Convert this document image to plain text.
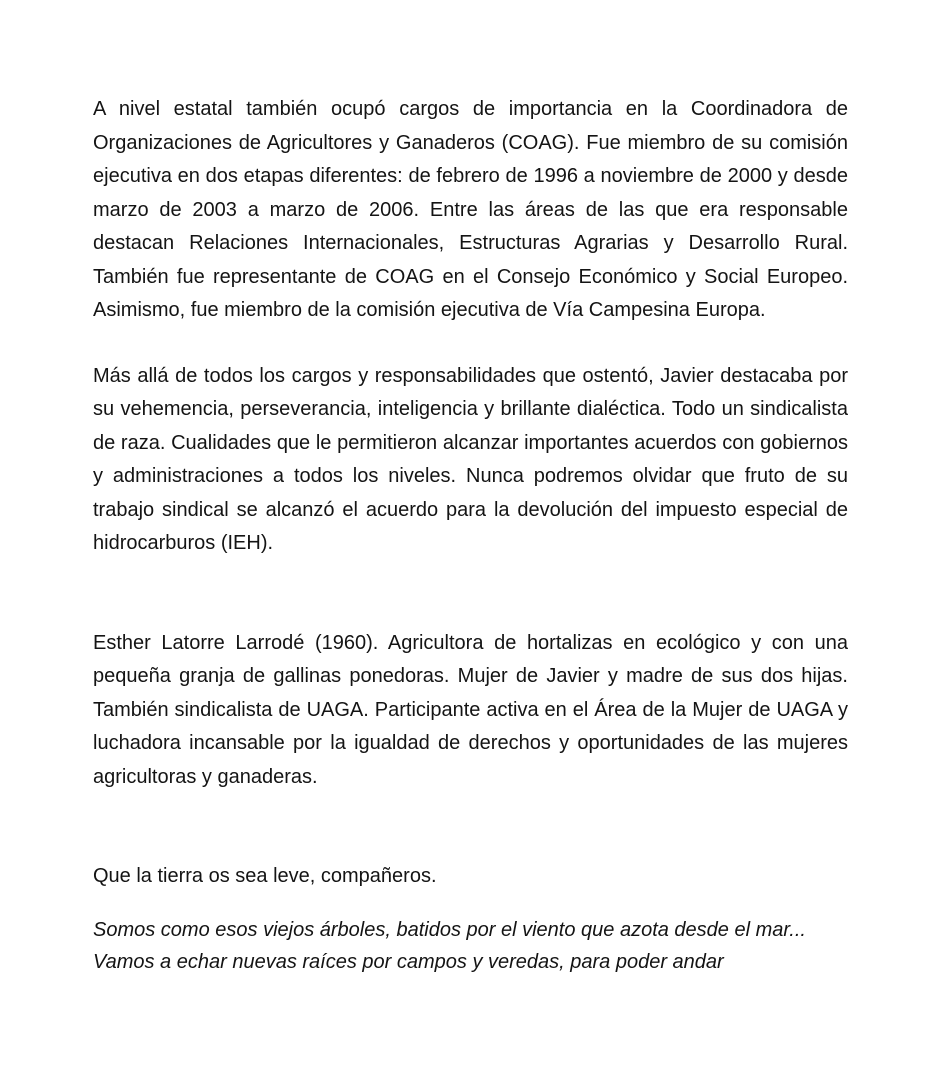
A nivel estatal también ocupó cargos de importancia en la Coordinadora de Organizaciones de Agricultores y Ganaderos (COAG). Fue miembro de su comisión ejecutiva en dos etapas diferentes: de febrero de 1996 a noviembre de 2000 y desde marzo de 2003 a marzo de 2006. Entre las áreas de las que era responsable destacan Relaciones Internacionales, Estructuras Agrarias y Desarrollo Rural. También fue representante de COAG en el Consejo Económico y Social Europeo. Asimismo, fue miembro de la comisión ejecutiva de Vía Campesina Europa.

Más allá de todos los cargos y responsabilidades que ostentó, Javier destacaba por su vehemencia, perseverancia, inteligencia y brillante dialéctica. Todo un sindicalista de raza. Cualidades que le permitieron alcanzar importantes acuerdos con gobiernos y administraciones a todos los niveles. Nunca podremos olvidar que fruto de su trabajo sindical se alcanzó el acuerdo para la devolución del impuesto especial de hidrocarburos (IEH).

Esther Latorre Larrodé (1960). Agricultora de hortalizas en ecológico y con una pequeña granja de gallinas ponedoras. Mujer de Javier y madre de sus dos hijas. También sindicalista de UAGA. Participante activa en el Área de la Mujer de UAGA y luchadora incansable por la igualdad de derechos y oportunidades de las mujeres agricultoras y ganaderas.

Que la tierra os sea leve, compañeros.

Somos como esos viejos árboles, batidos por el viento que azota desde el mar...
Vamos a echar nuevas raíces por campos y veredas, para poder andar
